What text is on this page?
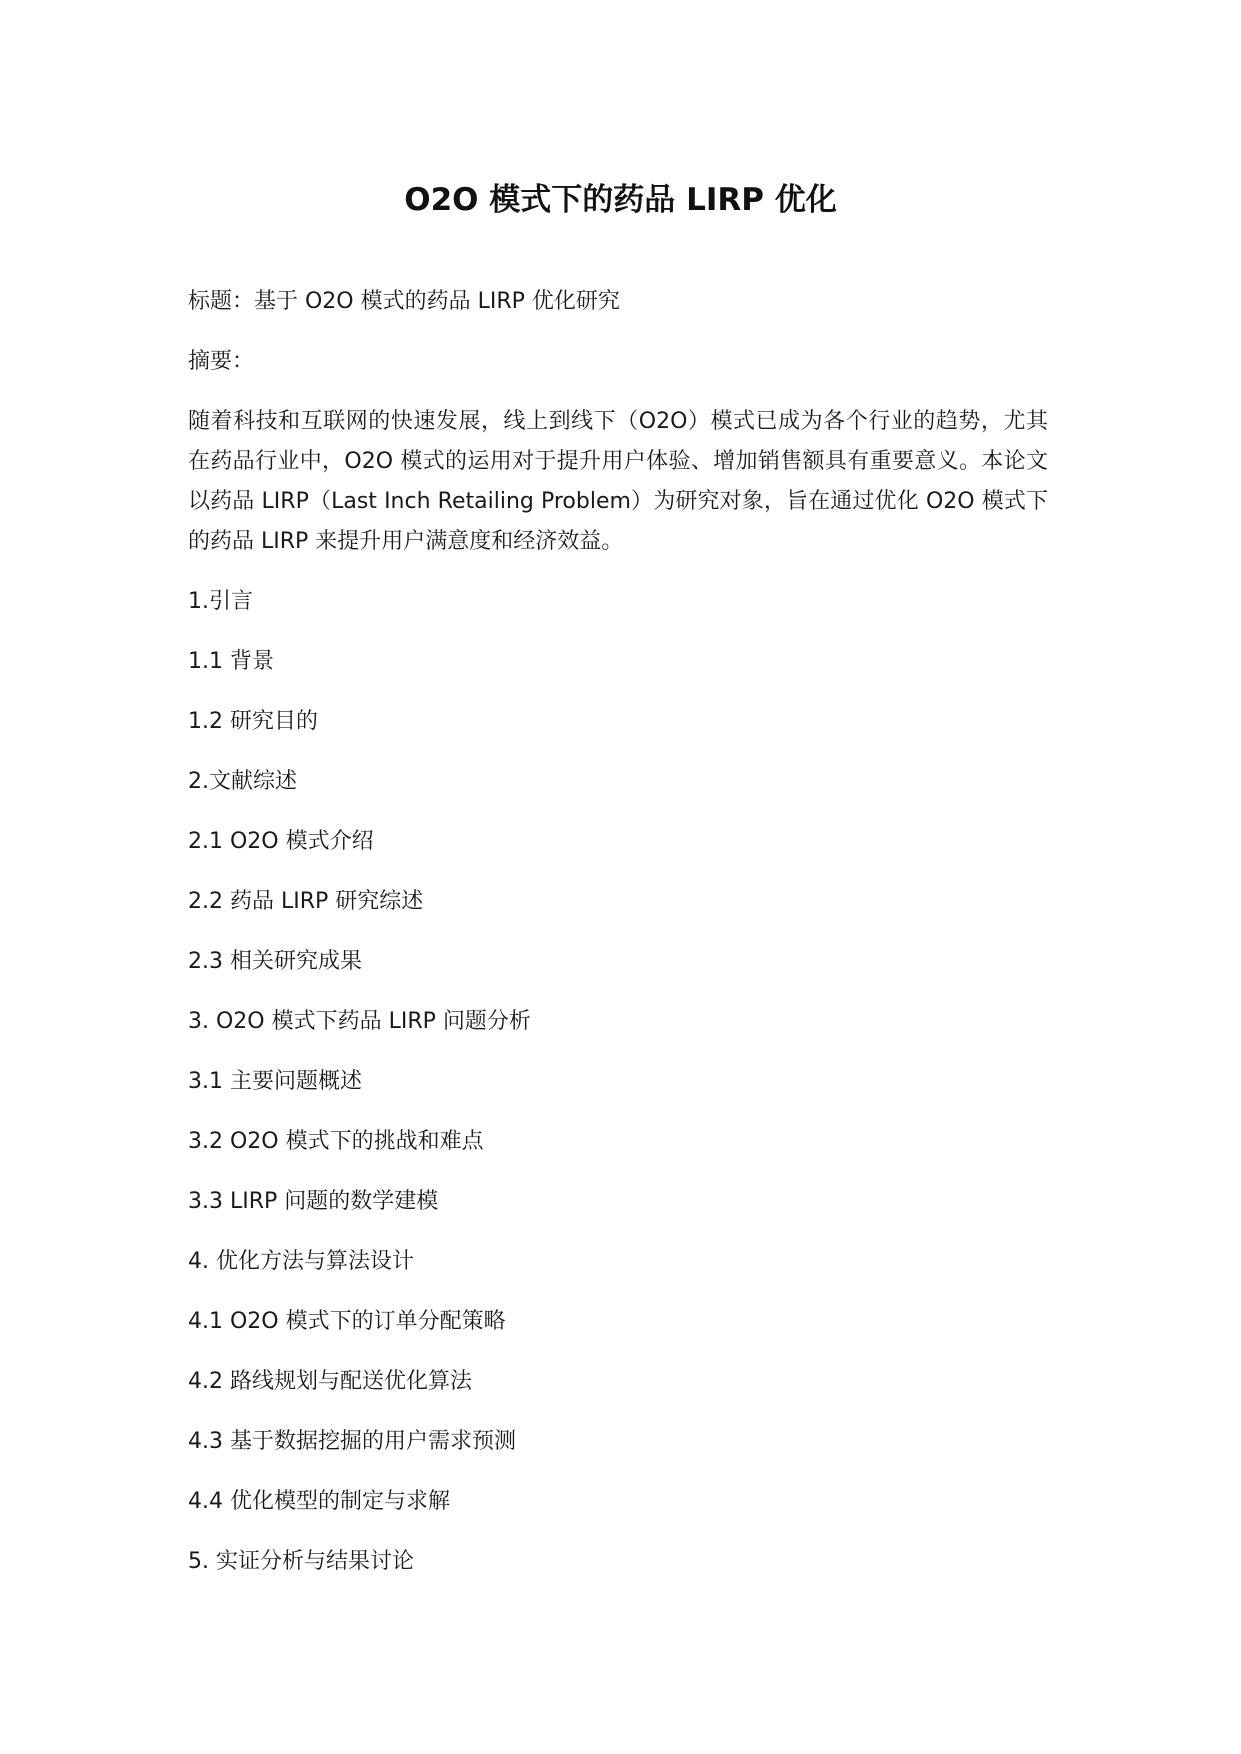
O2O 模式下的药品 LIRP 优化

标题：基于 O2O 模式的药品 LIRP 优化研究

摘要：

随着科技和互联网的快速发展，线上到线下（O2O）模式已成为各个行业的趋势，尤其在药品行业中，O2O 模式的运用对于提升用户体验、增加销售额具有重要意义。本论文以药品 LIRP（Last Inch Retailing Problem）为研究对象，旨在通过优化 O2O 模式下的药品 LIRP 来提升用户满意度和经济效益。

1.引言
1.1 背景
1.2 研究目的
2.文献综述
2.1 O2O 模式介绍
2.2 药品 LIRP 研究综述
2.3 相关研究成果
3. O2O 模式下药品 LIRP 问题分析
3.1 主要问题概述
3.2 O2O 模式下的挑战和难点
3.3 LIRP 问题的数学建模
4. 优化方法与算法设计
4.1 O2O 模式下的订单分配策略
4.2 路线规划与配送优化算法
4.3 基于数据挖掘的用户需求预测
4.4 优化模型的制定与求解
5. 实证分析与结果讨论
